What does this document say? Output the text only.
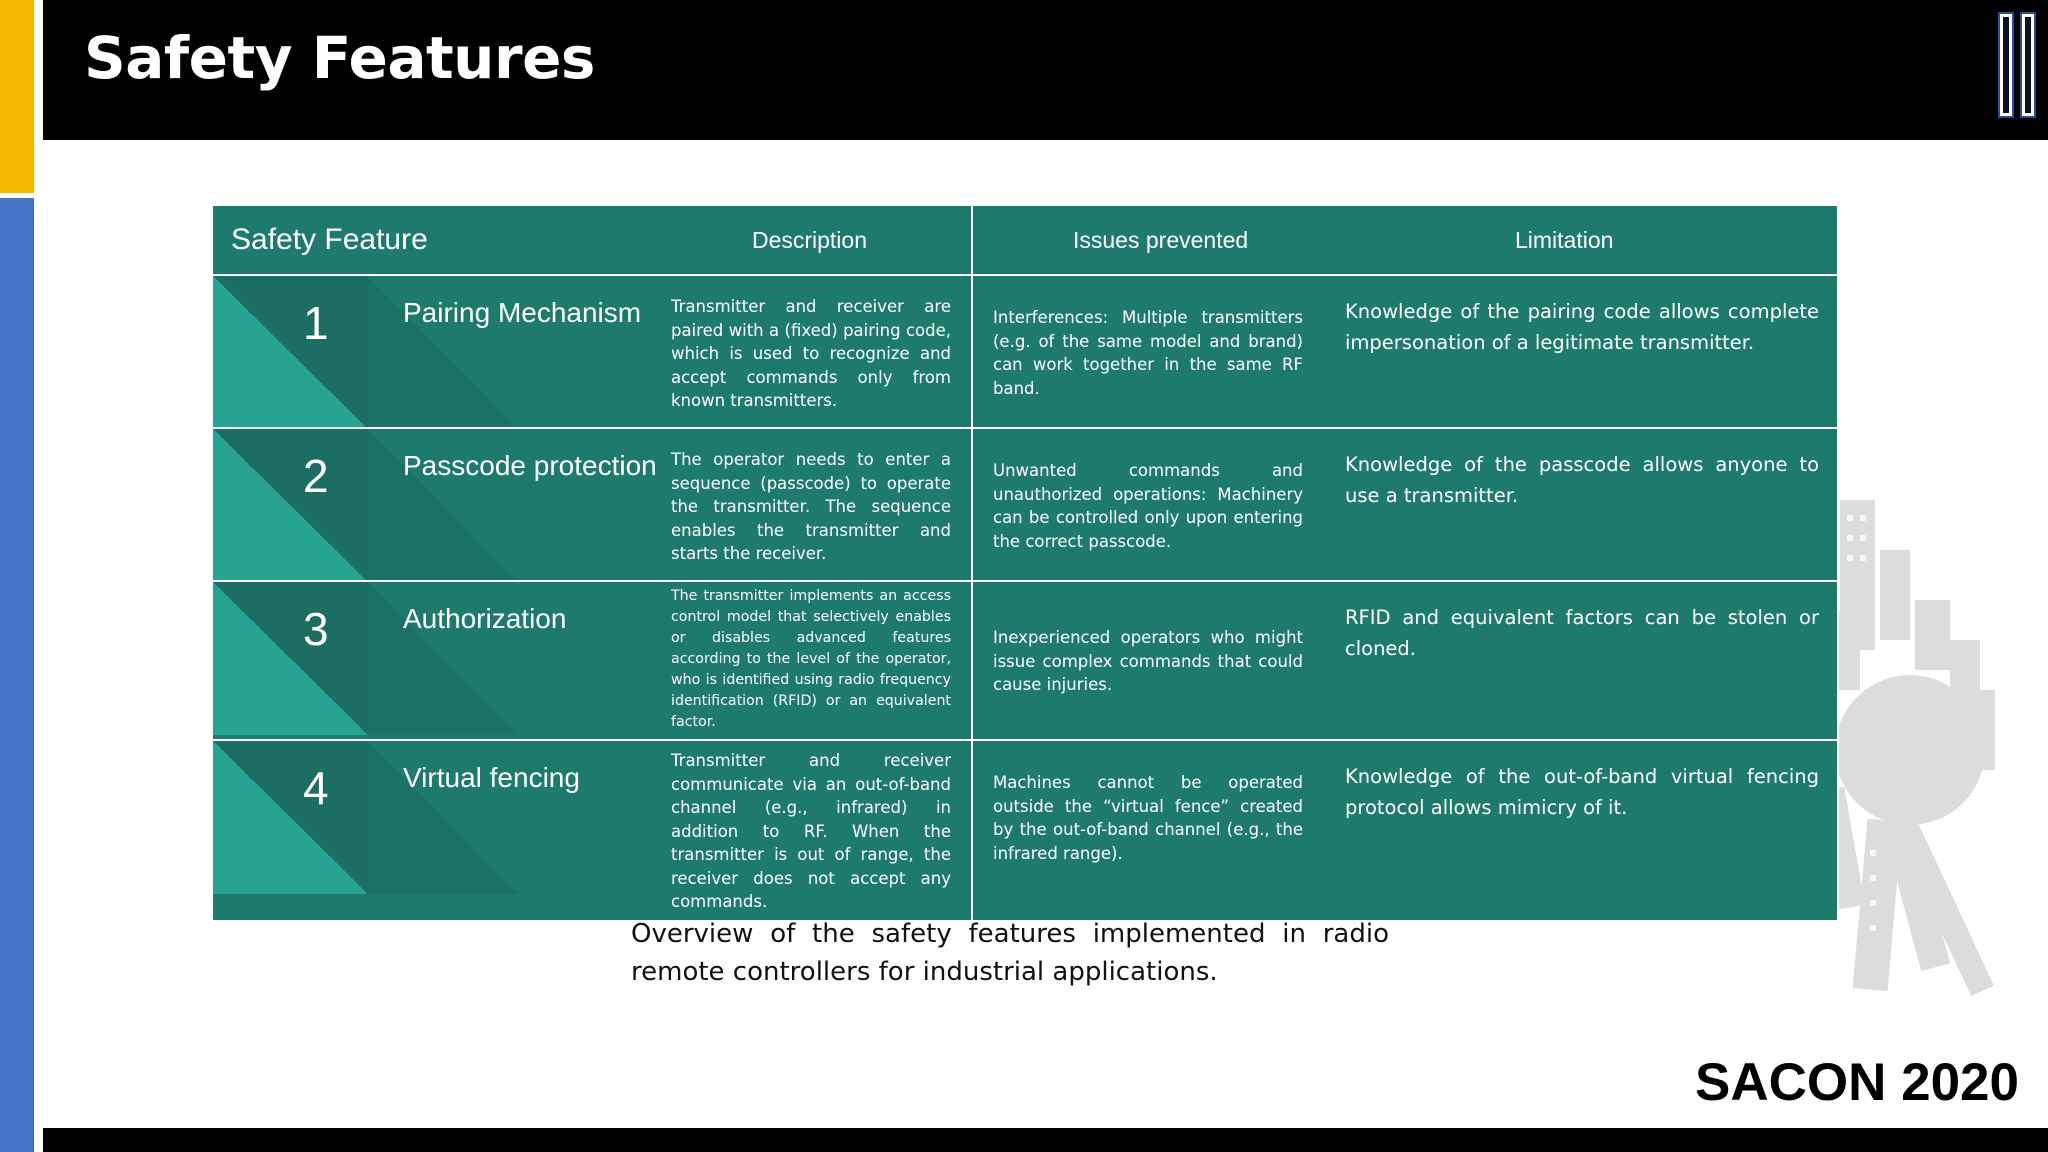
Safety Features
Safety Feature	Description	Issues prevented	Limitation

1 Pairing Mechanism	Transmitter and receiver are paired with a (fixed) pairing code, which is used to recognize and accept commands only from known transmitters.	Interferences: Multiple transmitters (e.g. of the same model and brand) can work together in the same RF band.	Knowledge of the pairing code allows complete impersonation of a legitimate transmitter.

2 Passcode protection	The operator needs to enter a sequence (passcode) to operate the transmitter. The sequence enables the transmitter and starts the receiver.	Unwanted commands and unauthorized operations: Machinery can be controlled only upon entering the correct passcode.	Knowledge of the passcode allows anyone to use a transmitter.

3 Authorization	The transmitter implements an access control model that selectively enables or disables advanced features according to the level of the operator, who is identified using radio frequency identification (RFID) or an equivalent factor.	Inexperienced operators who might issue complex commands that could cause injuries.	RFID and equivalent factors can be stolen or cloned.

4 Virtual fencing	Transmitter and receiver communicate via an out-of-band channel (e.g., infrared) in addition to RF. When the transmitter is out of range, the receiver does not accept any commands.	Machines cannot be operated outside the “virtual fence” created by the out-of-band channel (e.g., the infrared range).	Knowledge of the out-of-band virtual fencing protocol allows mimicry of it.
Overview of the safety features implemented in radio remote controllers for industrial applications.
SACON 2020
